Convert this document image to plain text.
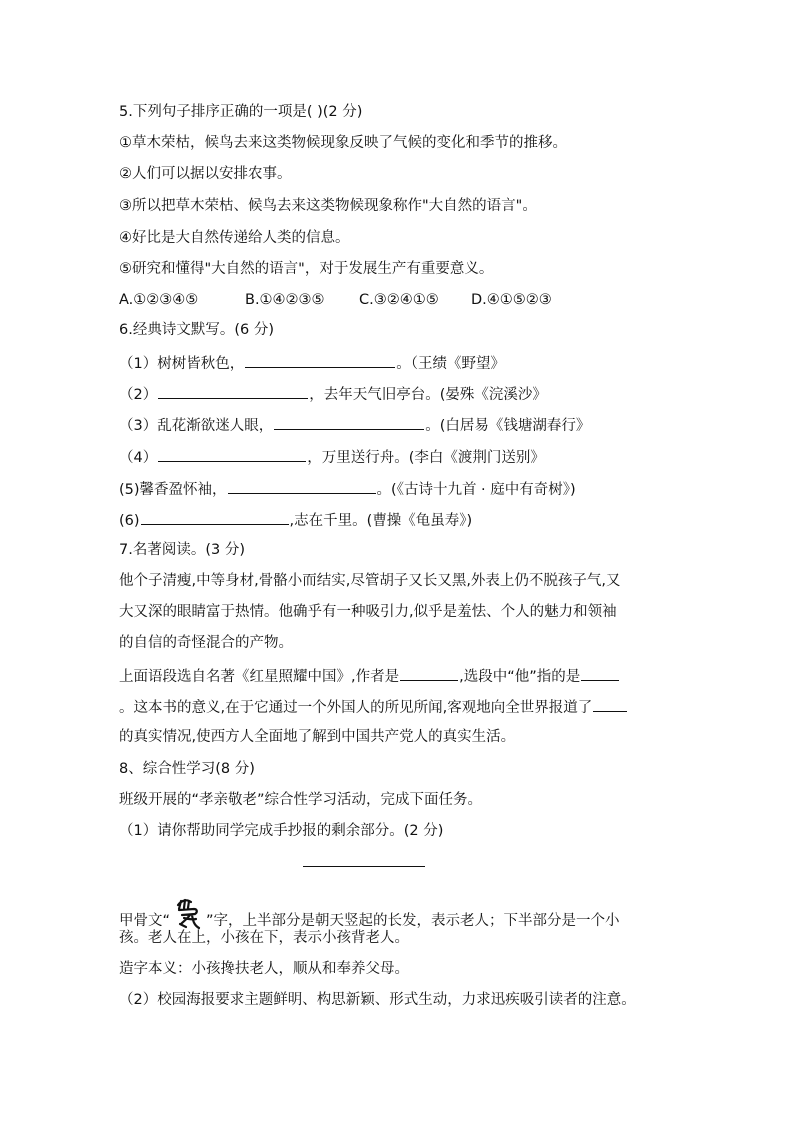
5.下列句子排序正确的一项是( )(2 分)
①草木荣枯，候鸟去来这类物候现象反映了气候的变化和季节的推移。
②人们可以据以安排农事。
③所以把草木荣枯、候鸟去来这类物候现象称作"大自然的语言"。
④好比是大自然传递给人类的信息。
⑤研究和懂得"大自然的语言"，对于发展生产有重要意义。
A.①②③④⑤	B.①④②③⑤ C.③②④①⑤ D.④①⑤②③
6.经典诗文默写。(6 分)
（1）树树皆秋色，	。（王绩《野望》
（2）	，去年天气旧亭台。(晏殊《浣溪沙》
（3）乱花渐欲迷人眼，	。(白居易《钱塘湖春行》
（4）	，万里送行舟。(李白《渡荆门送别》
(5)馨香盈怀袖，	。(《古诗十九首 · 庭中有奇树》)
(6)	,志在千里。(曹操《龟虽寿》)
7.名著阅读。(3 分)
他个子清瘦,中等身材,骨骼小而结实,尽管胡子又长又黑,外表上仍不脱孩子气,又
大又深的眼睛富于热情。他确乎有一种吸引力,似乎是羞怯、个人的魅力和领袖
的自信的奇怪混合的产物。
上面语段选自名著《红星照耀中国》,作者是	,选段中“他”指的是
。这本书的意义,在于它通过一个外国人的所见所闻,客观地向全世界报道了
的真实情况,使西方人全面地了解到中国共产党人的真实生活。
8、综合性学习(8 分)
班级开展的“孝亲敬老”综合性学习活动，完成下面任务。
（1）请你帮助同学完成手抄报的剩余部分。(2 分)
甲骨文“ ”字，上半部分是朝天竖起的长发，表示老人；下半部分是一个小
孩。老人在上，小孩在下，表示小孩背老人。
造字本义：小孩搀扶老人，顺从和奉养父母。
（2）校园海报要求主题鲜明、构思新颖、形式生动，力求迅疾吸引读者的注意。
